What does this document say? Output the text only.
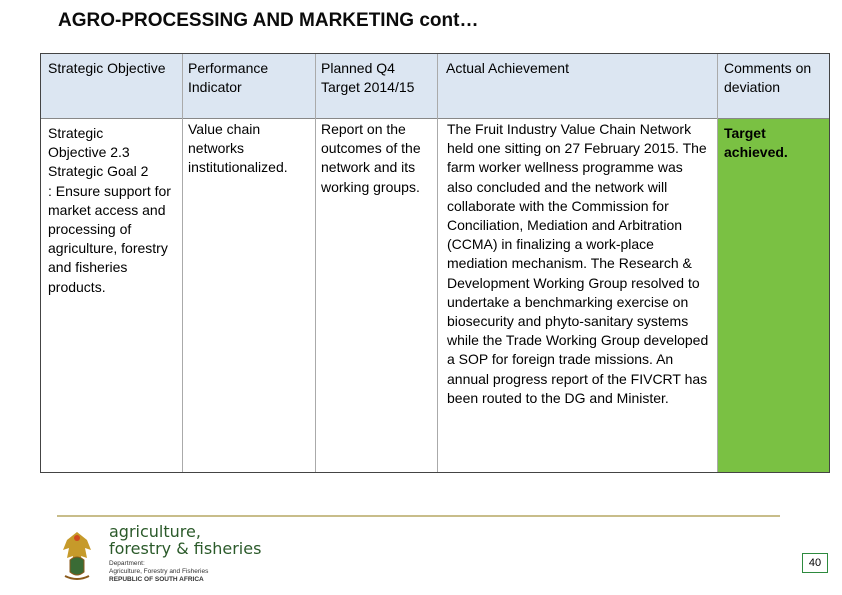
AGRO-PROCESSING AND MARKETING cont…
Strategic Objective Performance Indicator
Planned Q4 Target 2014/15
Actual Achievement	Comments on deviation
Strategic
Objective 2.3
Strategic Goal 2
: Ensure support for market access and processing of agriculture, forestry and fisheries products.
Value chain networks institutionalized.
Report on the outcomes of the network and its working groups.
The Fruit Industry Value Chain Network held one sitting on 27 February 2015. The farm worker wellness programme was also concluded and the network will collaborate with the Commission for Conciliation, Mediation and Arbitration (CCMA) in finalizing a work-place mediation mechanism. The Research & Development Working Group resolved to undertake a benchmarking exercise on biosecurity and phyto-sanitary systems while the Trade Working Group developed a SOP for foreign trade missions. An annual progress report of the FIVCRT has been routed to the DG and Minister.
Target achieved.
agriculture,
forestry & fisheries
Department:
Agriculture, Forestry and Fisheries
REPUBLIC OF SOUTH AFRICA
40
